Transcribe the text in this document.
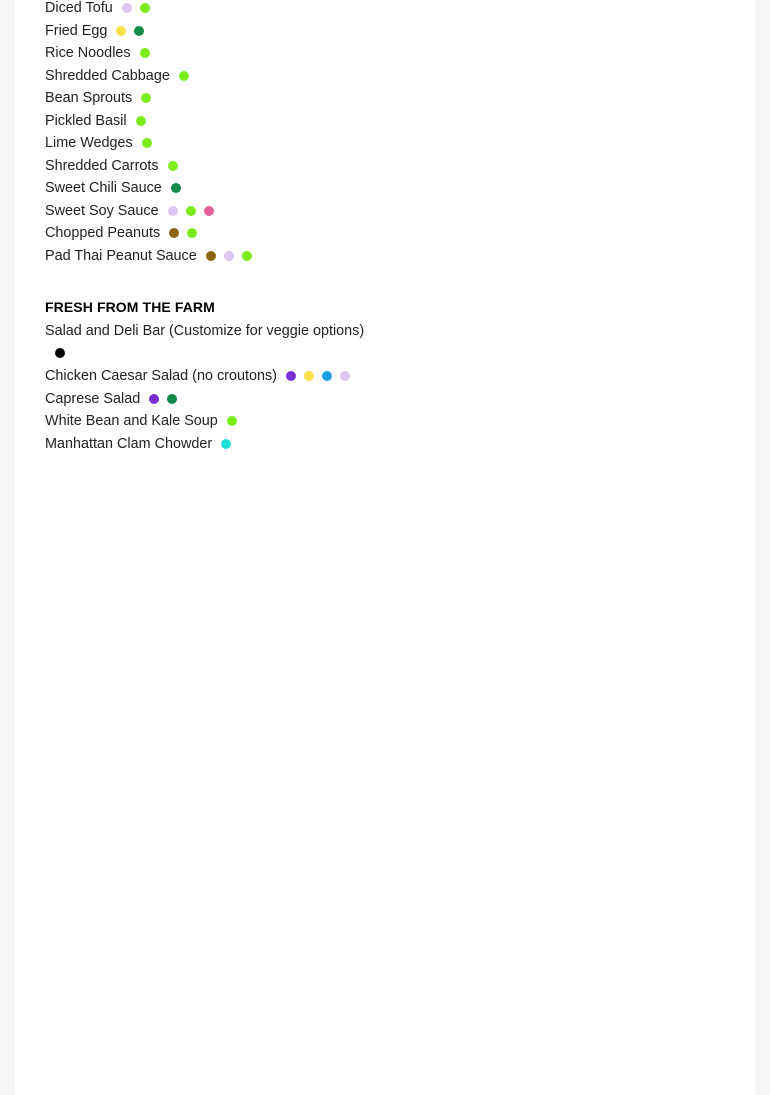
Diced Tofu
Fried Egg
Rice Noodles
Shredded Cabbage
Bean Sprouts
Pickled Basil
Lime Wedges
Shredded Carrots
Sweet Chili Sauce
Sweet Soy Sauce
Chopped Peanuts
Pad Thai Peanut Sauce
FRESH FROM THE FARM
Salad and Deli Bar (Customize for veggie options)
Chicken Caesar Salad (no croutons)
Caprese Salad
White Bean and Kale Soup
Manhattan Clam Chowder
